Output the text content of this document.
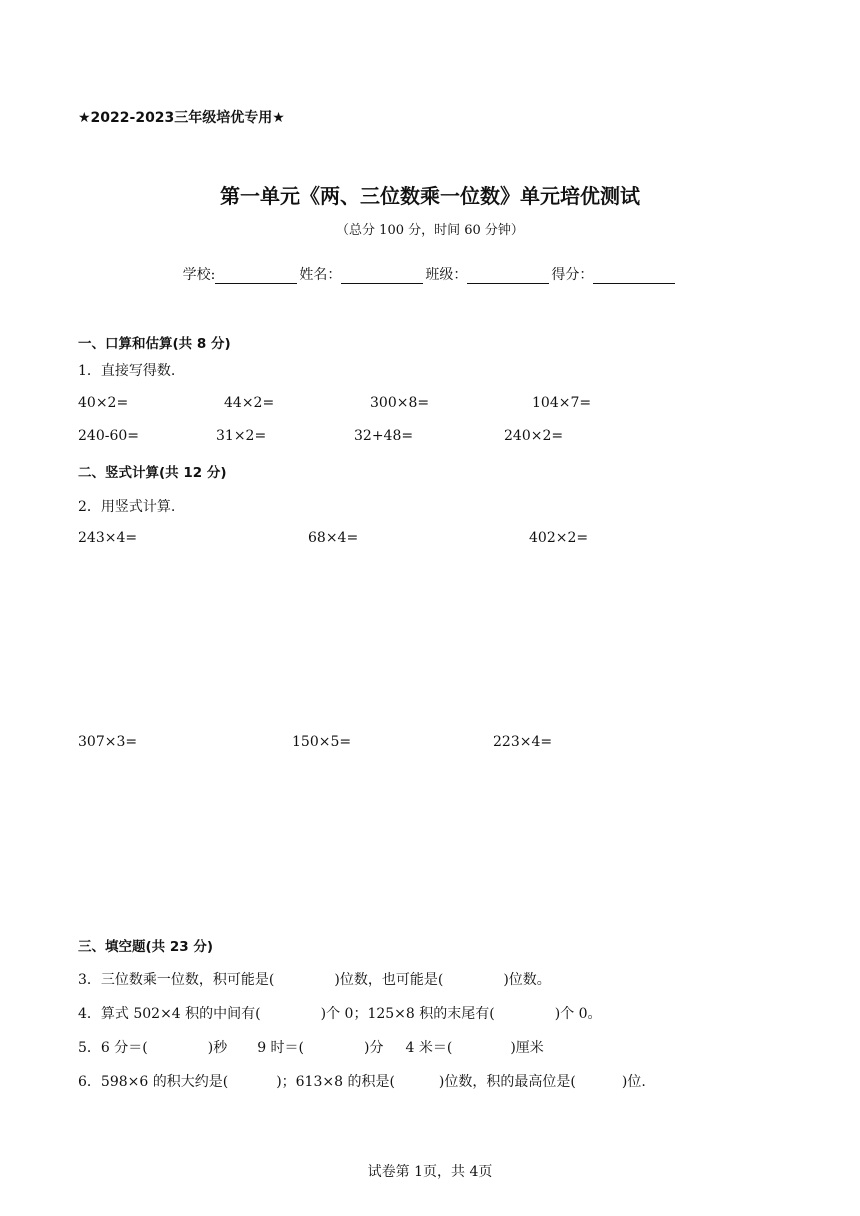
★2022-2023三年级培优专用★
第一单元《两、三位数乘一位数》单元培优测试
（总分 100 分，时间 60 分钟）
学校:	姓名：	班级：	得分：
一、口算和估算(共 8 分)
1．直接写得数.
40×2=	44×2=	300×8=	104×7=
240-60=	31×2=	32+48=	240×2=
二、竖式计算(共 12 分)
2．用竖式计算.
243×4=	68×4=	402×2=
307×3=	150×5=	223×4=
三、填空题(共 23 分)
3．三位数乘一位数，积可能是(	)位数，也可能是(	)位数。
4．算式 502×4 积的中间有(	)个 0；125×8 积的末尾有(	)个 0。
5．6 分＝(	)秒 9 时＝(	)分 4 米＝(	)厘米
6．598×6 的积大约是(	)；613×8 的积是(	)位数，积的最高位是(	)位.
试卷第 1页，共 4页
